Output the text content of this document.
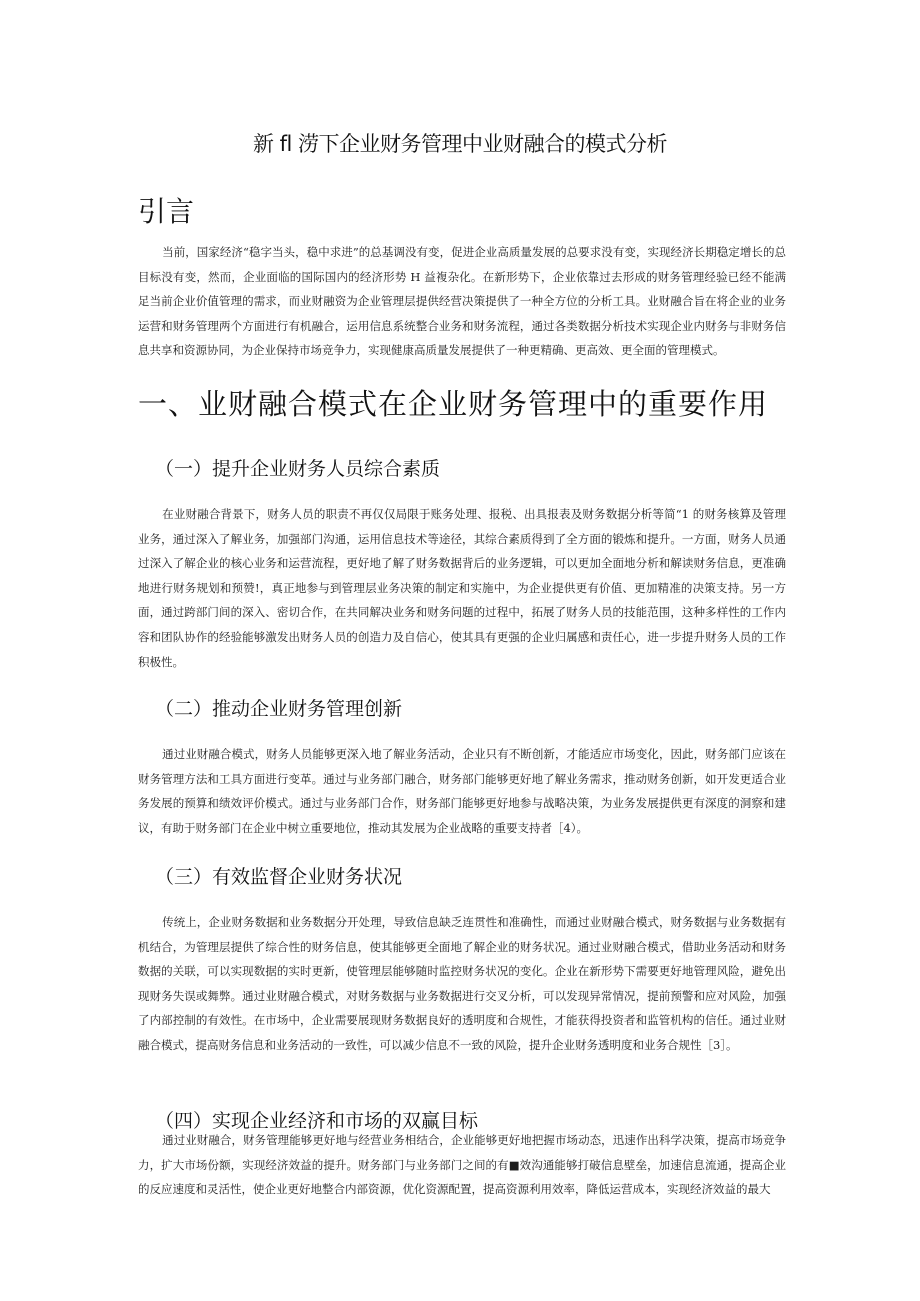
新 fl 涝下企业财务管理中业财融合的模式分析
引言

当前，国家经济“稳字当头，稳中求进”的总基调没有变，促进企业高质量发展的总要求没有变，实现经济长期稳定增长的总目标没有变，然而，企业面临的国际国内的经济形势 H 益複杂化。在新形势下，企业依靠过去形成的财务管理经验已经不能满足当前企业价值管理的需求，而业财融资为企业管理层提供经营决策提供了一种全方位的分析工具。业财融合旨在将企业的业务运营和财务管理两个方面进行有机融合，运用信息系统整合业务和财务流程，通过各类数据分析技术实现企业内财务与非财务信息共享和资源协同，为企业保持市场竞争力，实现健康高质量发展提供了一种更精确、更高效、更全面的管理模式。

一、业财融合模式在企业财务管理中的重要作用
（一）提升企业财务人员综合素质

在业财融合背景下，财务人员的职责不再仅仅局限于账务处理、报税、出具报表及财务数据分析等简“1 的财务核算及管理业务，通过深入了解业务，加强部门沟通，运用信息技术等途径，其综合素质得到了全方面的锻炼和提升。一方面，财务人员通过深入了解企业的核心业务和运营流程，更好地了解了财务数据背后的业务逻辑，可以更加全面地分析和解读财务信息，更准确地进行财务规划和预赞!，真正地参与到管理层业务决策的制定和实施中，为企业提供更有价值、更加精准的决策支持。另一方面，通过跨部门间的深入、密切合作，在共同解决业务和财务问题的过程中，拓展了财务人员的技能范围，这种多样性的工作内容和团队协作的经验能够激发出财务人员的创造力及自信心，使其具有更强的企业归属感和责任心，进一步提升财务人员的工作积极性。

（二）推动企业财务管理创新

通过业财融合模式，财务人员能够更深入地了解业务活动，企业只有不断创新，才能适应市场变化，因此，财务部门应该在财务管理方法和工具方面进行变革。通过与业务部门融合，财务部门能够更好地了解业务需求，推动财务创新，如开发更适合业务发展的预算和绩效评价模式。通过与业务部门合作，财务部门能够更好地参与战略决策，为业务发展提供更有深度的洞察和建议，有助于财务部门在企业中树立重要地位，推动其发展为企业战略的重要支持者［4）。

（三）有效监督企业财务状况

传统上，企业财务数据和业务数据分开处理，导致信息缺乏连贯性和准确性，而通过业财融合模式，财务数据与业务数据有机结合，为管理层提供了综合性的财务信息，使其能够更全面地了解企业的财务状况。通过业财融合模式，借助业务活动和财务数据的关联，可以实现数据的实时更新，使管理层能够随时监控财务状况的变化。企业在新形势下需要更好地管理风险，避免出现财务失误或舞弊。通过业财融合模式，对财务数据与业务数据进行交叉分析，可以发现异常情况，提前预警和应对风险，加强了内部控制的有效性。在市场中，企业需要展现财务数据良好的透明度和合规性，才能获得投资者和监管机构的信任。通过业财融合模式，提高财务信息和业务活动的一致性，可以减少信息不一致的风险，提升企业财务透明度和业务合规性［3］。

（四）实现企业经济和市场的双赢目标

通过业财融合，财务管理能够更好地与经营业务相结合，企业能够更好地把握市场动态，迅速作出科学决策，提高市场竞争力，扩大市场份额，实现经济效益的提升。财务部门与业务部门之间的有■效沟通能够打破信息壁垒，加速信息流通，提高企业的反应速度和灵活性，使企业更好地整合内部资源，优化资源配置，提高资源利用效率，降低运营成本，实现经济效益的最大
